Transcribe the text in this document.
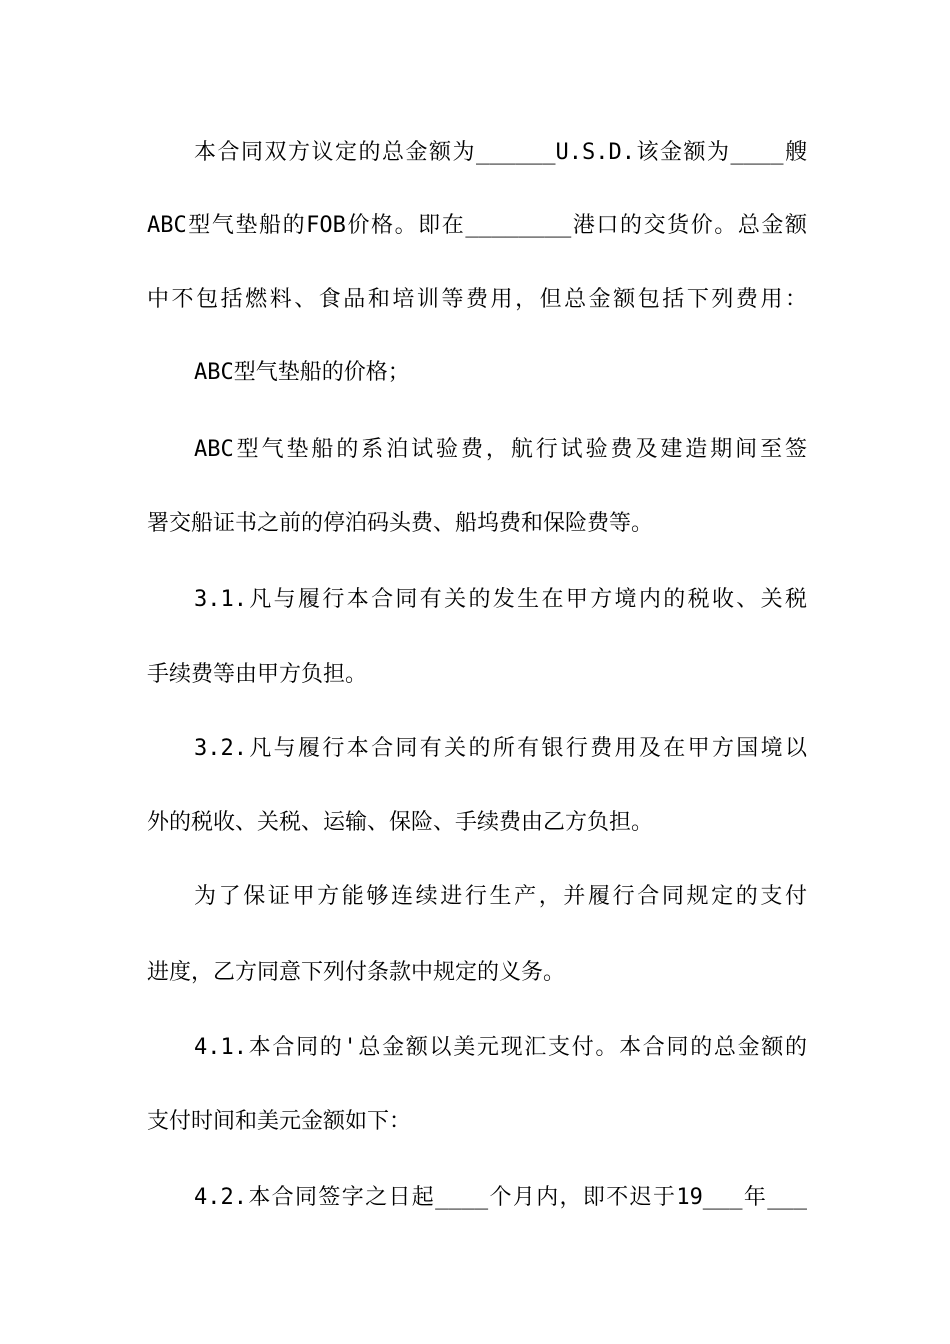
本合同双方议定的总金额为______U.S.D.该金额为____艘
ABC型气垫船的FOB价格。即在________港口的交货价。总金额
中不包括燃料、食品和培训等费用，但总金额包括下列费用：
ABC型气垫船的价格；
ABC型气垫船的系泊试验费，航行试验费及建造期间至签
署交船证书之前的停泊码头费、船坞费和保险费等。
3.1.凡与履行本合同有关的发生在甲方境内的税收、关税
手续费等由甲方负担。
3.2.凡与履行本合同有关的所有银行费用及在甲方国境以
外的税收、关税、运输、保险、手续费由乙方负担。
为了保证甲方能够连续进行生产，并履行合同规定的支付
进度，乙方同意下列付条款中规定的义务。
4.1.本合同的'总金额以美元现汇支付。本合同的总金额的
支付时间和美元金额如下：
4.2.本合同签字之日起____个月内，即不迟于19___年___
